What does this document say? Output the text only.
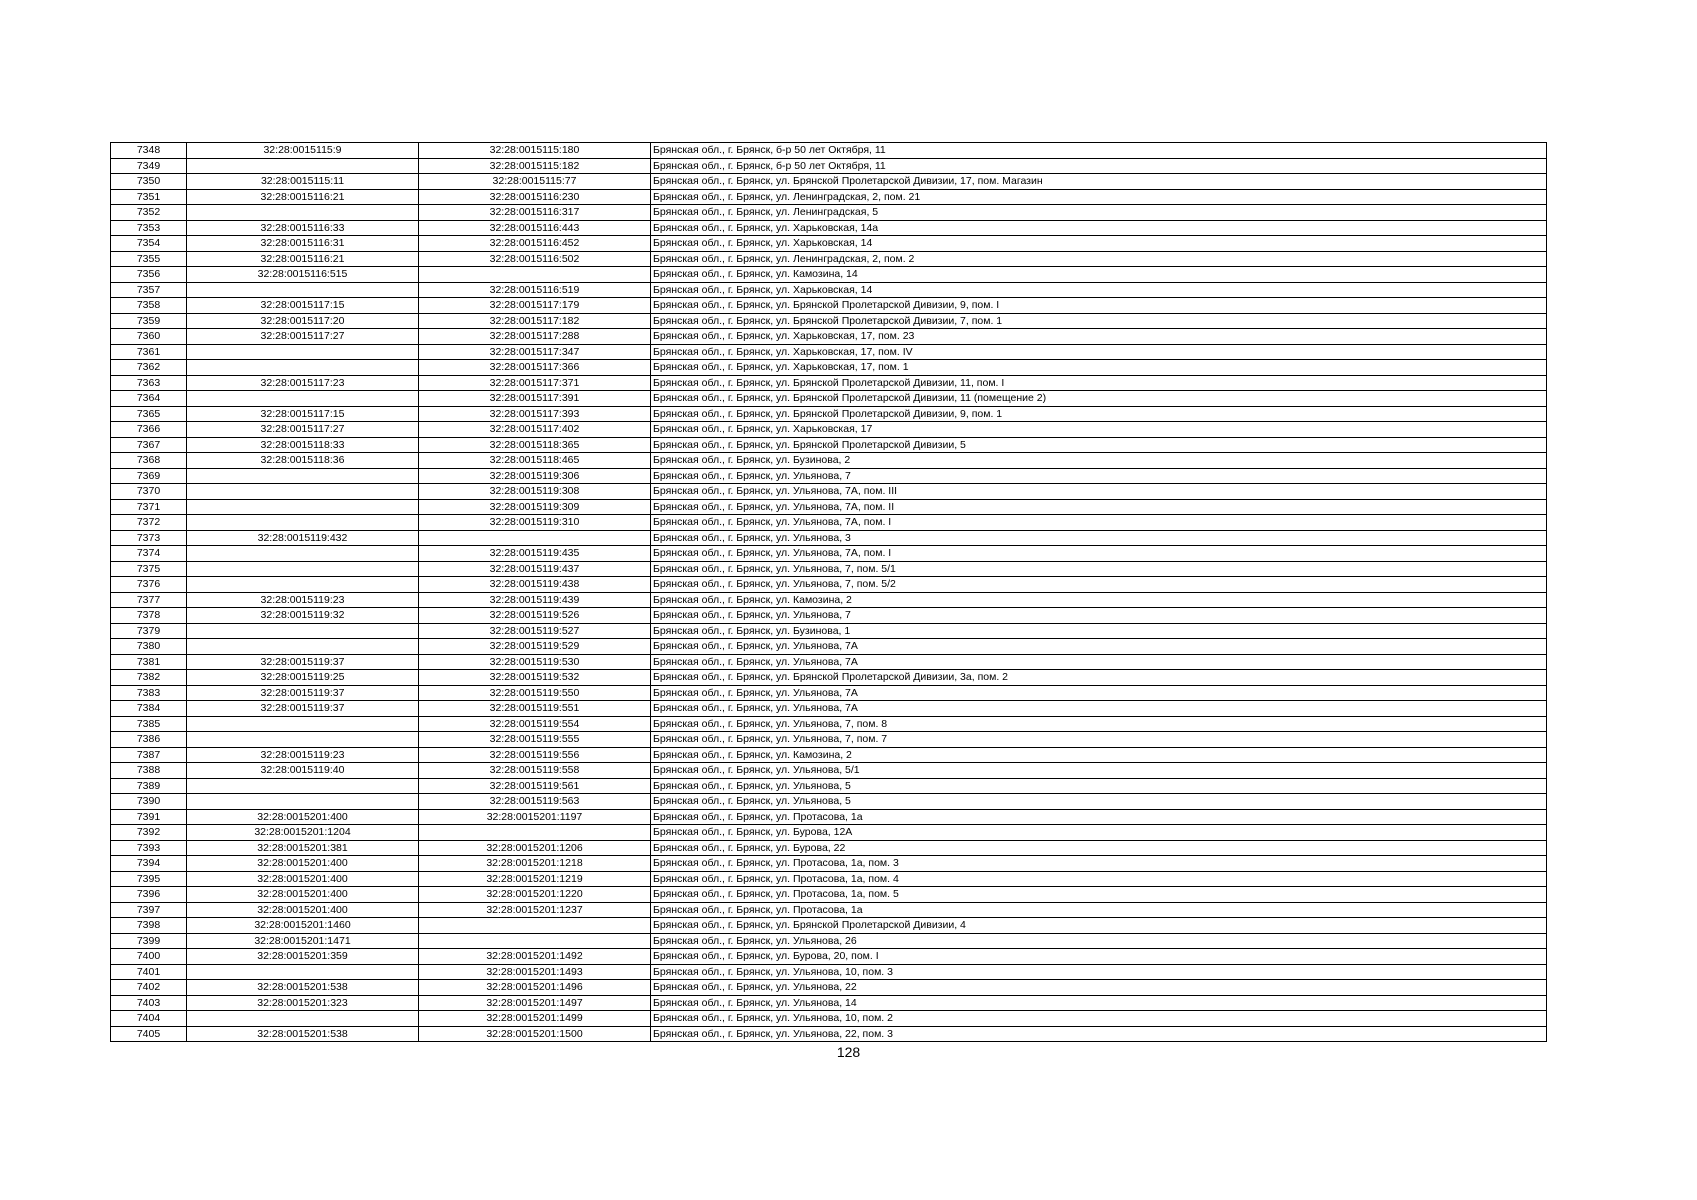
7348	32:28:0015115:9	32:28:0015115:180	Брянская обл., г. Брянск, б-р 50 лет Октября, 11
7349		32:28:0015115:182	Брянская обл., г. Брянск, б-р 50 лет Октября, 11
7350	32:28:0015115:11	32:28:0015115:77	Брянская обл., г. Брянск, ул. Брянской Пролетарской Дивизии, 17, пом. Магазин
7351	32:28:0015116:21	32:28:0015116:230	Брянская обл., г. Брянск, ул. Ленинградская, 2, пом. 21
7352		32:28:0015116:317	Брянская обл., г. Брянск, ул. Ленинградская, 5
7353	32:28:0015116:33	32:28:0015116:443	Брянская обл., г. Брянск, ул. Харьковская, 14а
7354	32:28:0015116:31	32:28:0015116:452	Брянская обл., г. Брянск, ул. Харьковская, 14
7355	32:28:0015116:21	32:28:0015116:502	Брянская обл., г. Брянск, ул. Ленинградская, 2, пом. 2
7356	32:28:0015116:515		Брянская обл., г. Брянск, ул. Камозина, 14
7357		32:28:0015116:519	Брянская обл., г. Брянск, ул. Харьковская, 14
7358	32:28:0015117:15	32:28:0015117:179	Брянская обл., г. Брянск, ул. Брянской Пролетарской Дивизии, 9, пом. I
7359	32:28:0015117:20	32:28:0015117:182	Брянская обл., г. Брянск, ул. Брянской Пролетарской Дивизии, 7, пом. 1
7360	32:28:0015117:27	32:28:0015117:288	Брянская обл., г. Брянск, ул. Харьковская, 17, пом. 23
7361		32:28:0015117:347	Брянская обл., г. Брянск, ул. Харьковская, 17, пом. IV
7362		32:28:0015117:366	Брянская обл., г. Брянск, ул. Харьковская, 17, пом. 1
7363	32:28:0015117:23	32:28:0015117:371	Брянская обл., г. Брянск, ул. Брянской Пролетарской Дивизии, 11, пом. I
7364		32:28:0015117:391	Брянская обл., г. Брянск, ул. Брянской Пролетарской Дивизии, 11 (помещение 2)
7365	32:28:0015117:15	32:28:0015117:393	Брянская обл., г. Брянск, ул. Брянской Пролетарской Дивизии, 9, пом. 1
7366	32:28:0015117:27	32:28:0015117:402	Брянская обл., г. Брянск, ул. Харьковская, 17
7367	32:28:0015118:33	32:28:0015118:365	Брянская обл., г. Брянск, ул. Брянской Пролетарской Дивизии, 5
7368	32:28:0015118:36	32:28:0015118:465	Брянская обл., г. Брянск, ул. Бузинова, 2
7369		32:28:0015119:306	Брянская обл., г. Брянск, ул. Ульянова, 7
7370		32:28:0015119:308	Брянская обл., г. Брянск, ул. Ульянова, 7А, пом. III
7371		32:28:0015119:309	Брянская обл., г. Брянск, ул. Ульянова, 7А, пом. II
7372		32:28:0015119:310	Брянская обл., г. Брянск, ул. Ульянова, 7А, пом. I
7373	32:28:0015119:432		Брянская обл., г. Брянск, ул. Ульянова, 3
7374		32:28:0015119:435	Брянская обл., г. Брянск, ул. Ульянова, 7А, пом. I
7375		32:28:0015119:437	Брянская обл., г. Брянск, ул. Ульянова, 7, пом. 5/1
7376		32:28:0015119:438	Брянская обл., г. Брянск, ул. Ульянова, 7, пом. 5/2
7377	32:28:0015119:23	32:28:0015119:439	Брянская обл., г. Брянск, ул. Камозина, 2
7378	32:28:0015119:32	32:28:0015119:526	Брянская обл., г. Брянск, ул. Ульянова, 7
7379		32:28:0015119:527	Брянская обл., г. Брянск, ул. Бузинова, 1
7380		32:28:0015119:529	Брянская обл., г. Брянск, ул. Ульянова, 7А
7381	32:28:0015119:37	32:28:0015119:530	Брянская обл., г. Брянск, ул. Ульянова, 7А
7382	32:28:0015119:25	32:28:0015119:532	Брянская обл., г. Брянск, ул. Брянской Пролетарской Дивизии, 3а, пом. 2
7383	32:28:0015119:37	32:28:0015119:550	Брянская обл., г. Брянск, ул. Ульянова, 7А
7384	32:28:0015119:37	32:28:0015119:551	Брянская обл., г. Брянск, ул. Ульянова, 7А
7385		32:28:0015119:554	Брянская обл., г. Брянск, ул. Ульянова, 7, пом. 8
7386		32:28:0015119:555	Брянская обл., г. Брянск, ул. Ульянова, 7, пом. 7
7387	32:28:0015119:23	32:28:0015119:556	Брянская обл., г. Брянск, ул. Камозина, 2
7388	32:28:0015119:40	32:28:0015119:558	Брянская обл., г. Брянск, ул. Ульянова, 5/1
7389		32:28:0015119:561	Брянская обл., г. Брянск, ул. Ульянова, 5
7390		32:28:0015119:563	Брянская обл., г. Брянск, ул. Ульянова, 5
7391	32:28:0015201:400	32:28:0015201:1197	Брянская обл., г. Брянск, ул. Протасова, 1а
7392	32:28:0015201:1204		Брянская обл., г. Брянск, ул. Бурова, 12А
7393	32:28:0015201:381	32:28:0015201:1206	Брянская обл., г. Брянск, ул. Бурова, 22
7394	32:28:0015201:400	32:28:0015201:1218	Брянская обл., г. Брянск, ул. Протасова, 1а, пом. 3
7395	32:28:0015201:400	32:28:0015201:1219	Брянская обл., г. Брянск, ул. Протасова, 1а, пом. 4
7396	32:28:0015201:400	32:28:0015201:1220	Брянская обл., г. Брянск, ул. Протасова, 1а, пом. 5
7397	32:28:0015201:400	32:28:0015201:1237	Брянская обл., г. Брянск, ул. Протасова, 1а
7398	32:28:0015201:1460		Брянская обл., г. Брянск, ул. Брянской Пролетарской Дивизии, 4
7399	32:28:0015201:1471		Брянская обл., г. Брянск, ул. Ульянова, 26
7400	32:28:0015201:359	32:28:0015201:1492	Брянская обл., г. Брянск, ул. Бурова, 20, пом. I
7401		32:28:0015201:1493	Брянская обл., г. Брянск, ул. Ульянова, 10, пом. 3
7402	32:28:0015201:538	32:28:0015201:1496	Брянская обл., г. Брянск, ул. Ульянова, 22
7403	32:28:0015201:323	32:28:0015201:1497	Брянская обл., г. Брянск, ул. Ульянова, 14
7404		32:28:0015201:1499	Брянская обл., г. Брянск, ул. Ульянова, 10, пом. 2
7405	32:28:0015201:538	32:28:0015201:1500	Брянская обл., г. Брянск, ул. Ульянова, 22, пом. 3
128
